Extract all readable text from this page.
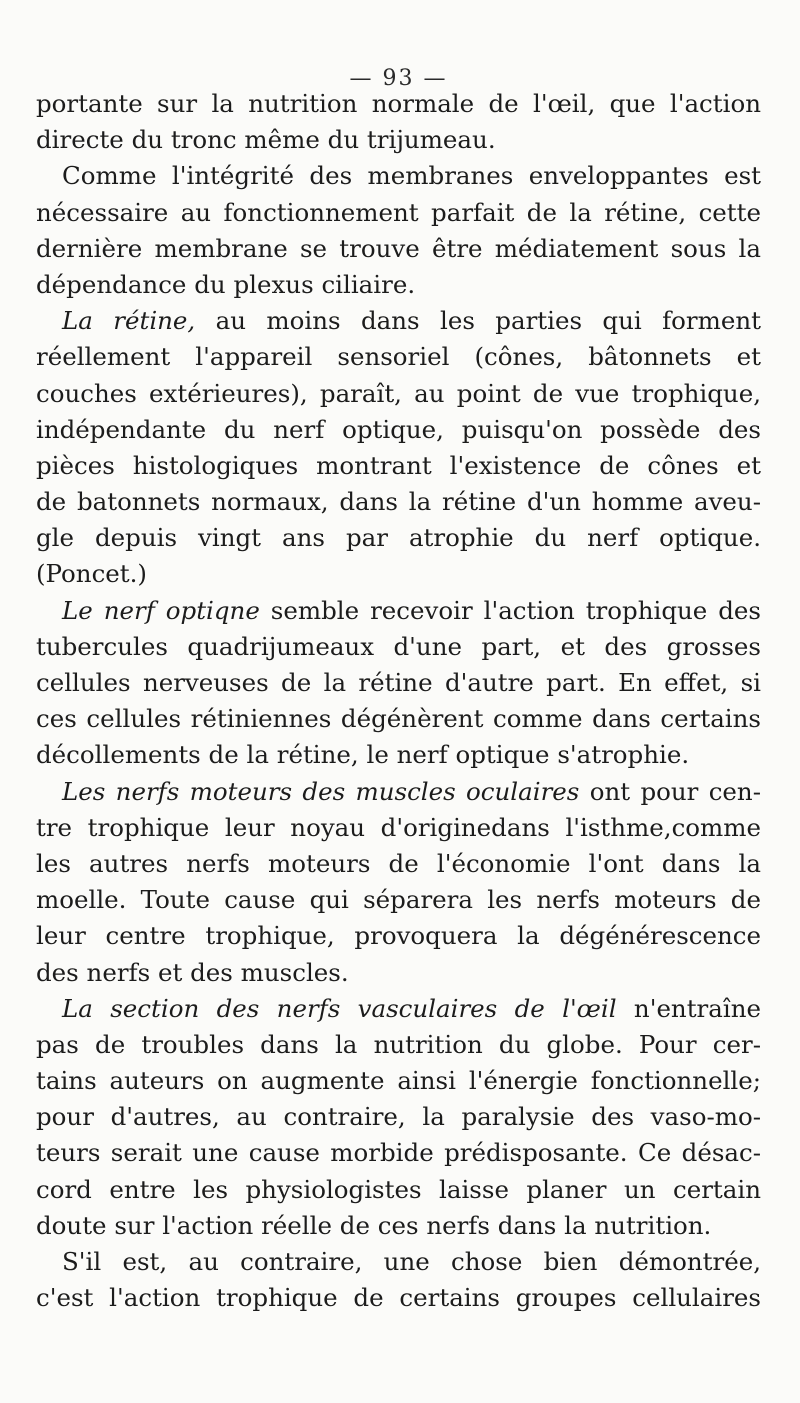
— 93 —
portante sur la nutrition normale de l'œil, que l'action
directe du tronc même du trijumeau.
Comme l'intégrité des membranes enveloppantes est
nécessaire au fonctionnement parfait de la rétine, cette
dernière membrane se trouve être médiatement sous la
dépendance du plexus ciliaire.
La rétine, au moins dans les parties qui forment
réellement l'appareil sensoriel (cônes, bâtonnets et
couches extérieures), paraît, au point de vue trophique,
indépendante du nerf optique, puisqu'on possède des
pièces histologiques montrant l'existence de cônes et
de batonnets normaux, dans la rétine d'un homme aveu-
gle depuis vingt ans par atrophie du nerf optique.
(Poncet.)
Le nerf optiqne semble recevoir l'action trophique des
tubercules quadrijumeaux d'une part, et des grosses
cellules nerveuses de la rétine d'autre part. En effet, si
ces cellules rétiniennes dégénèrent comme dans certains
décollements de la rétine, le nerf optique s'atrophie.
Les nerfs moteurs des muscles oculaires ont pour cen-
tre trophique leur noyau d'originedans l'isthme,comme
les autres nerfs moteurs de l'économie l'ont dans la
moelle. Toute cause qui séparera les nerfs moteurs de
leur centre trophique, provoquera la dégénérescence
des nerfs et des muscles.
La section des nerfs vasculaires de l'œil n'entraîne
pas de troubles dans la nutrition du globe. Pour cer-
tains auteurs on augmente ainsi l'énergie fonctionnelle;
pour d'autres, au contraire, la paralysie des vaso-mo-
teurs serait une cause morbide prédisposante. Ce désac-
cord entre les physiologistes laisse planer un certain
doute sur l'action réelle de ces nerfs dans la nutrition.
S'il est, au contraire, une chose bien démontrée,
c'est l'action trophique de certains groupes cellulaires
